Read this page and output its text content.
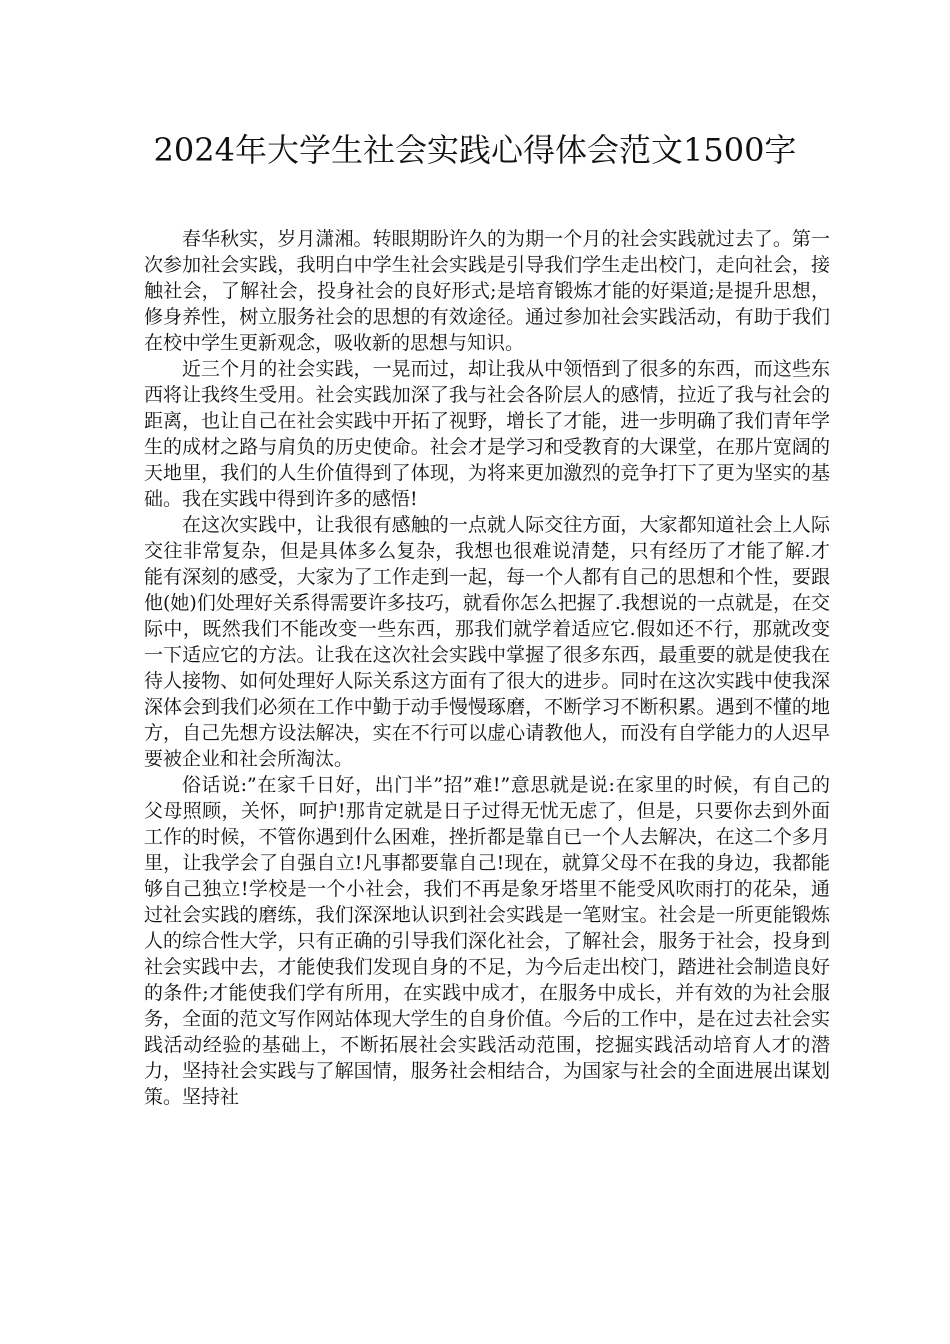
2024年大学生社会实践心得体会范文1500字

春华秋实，岁月潇湘。转眼期盼许久的为期一个月的社会实践就过去了。第一次参加社会实践，我明白中学生社会实践是引导我们学生走出校门，走向社会，接触社会，了解社会，投身社会的良好形式;是培育锻炼才能的好渠道;是提升思想，修身养性，树立服务社会的思想的有效途径。通过参加社会实践活动，有助于我们在校中学生更新观念，吸收新的思想与知识。

近三个月的社会实践，一晃而过，却让我从中领悟到了很多的东西，而这些东西将让我终生受用。社会实践加深了我与社会各阶层人的感情，拉近了我与社会的距离，也让自己在社会实践中开拓了视野，增长了才能，进一步明确了我们青年学生的成材之路与肩负的历史使命。社会才是学习和受教育的大课堂，在那片宽阔的天地里，我们的人生价值得到了体现，为将来更加激烈的竞争打下了更为坚实的基础。我在实践中得到许多的感悟!

在这次实践中，让我很有感触的一点就人际交往方面，大家都知道社会上人际交往非常复杂，但是具体多么复杂，我想也很难说清楚，只有经历了才能了解.才能有深刻的感受，大家为了工作走到一起，每一个人都有自己的思想和个性，要跟他(她)们处理好关系得需要许多技巧，就看你怎么把握了.我想说的一点就是，在交际中，既然我们不能改变一些东西，那我们就学着适应它.假如还不行，那就改变一下适应它的方法。让我在这次社会实践中掌握了很多东西，最重要的就是使我在待人接物、如何处理好人际关系这方面有了很大的进步。同时在这次实践中使我深深体会到我们必须在工作中勤于动手慢慢琢磨，不断学习不断积累。遇到不懂的地方，自己先想方设法解决，实在不行可以虚心请教他人，而没有自学能力的人迟早要被企业和社会所淘汰。

俗话说:”在家千日好，出门半”招”难!”意思就是说:在家里的时候，有自己的父母照顾，关怀，呵护!那肯定就是日子过得无忧无虑了，但是，只要你去到外面工作的时候，不管你遇到什么困难，挫折都是靠自已一个人去解决，在这二个多月里，让我学会了自强自立!凡事都要靠自己!现在，就算父母不在我的身边，我都能够自己独立!学校是一个小社会，我们不再是象牙塔里不能受风吹雨打的花朵，通过社会实践的磨练，我们深深地认识到社会实践是一笔财宝。社会是一所更能锻炼人的综合性大学，只有正确的引导我们深化社会，了解社会，服务于社会，投身到社会实践中去，才能使我们发现自身的不足，为今后走出校门，踏进社会制造良好的条件;才能使我们学有所用，在实践中成才，在服务中成长，并有效的为社会服务，全面的范文写作网站体现大学生的自身价值。今后的工作中，是在过去社会实践活动经验的基础上，不断拓展社会实践活动范围，挖掘实践活动培育人才的潜力，坚持社会实践与了解国情，服务社会相结合，为国家与社会的全面进展出谋划策。坚持社
